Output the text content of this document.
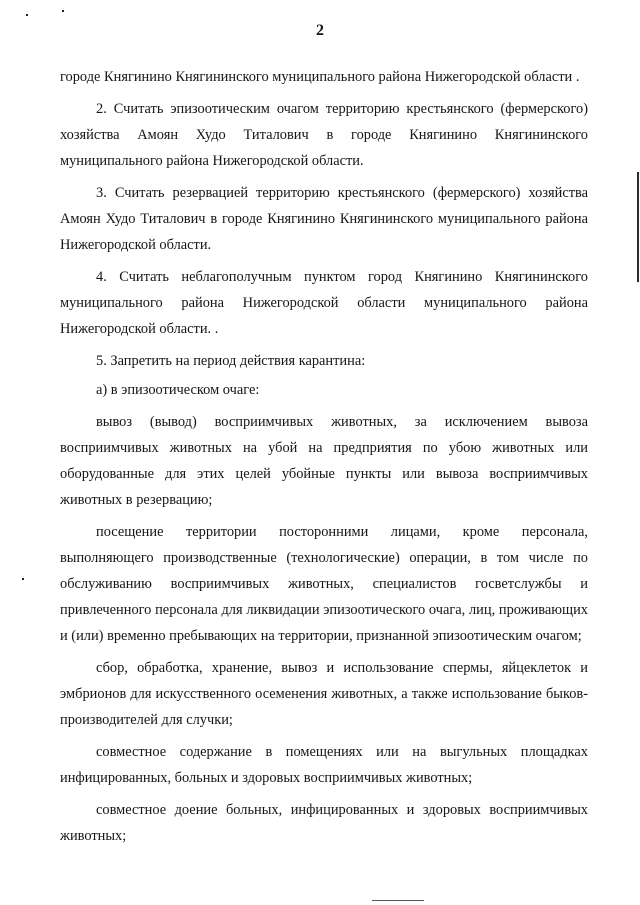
2

городе Княгинино Княгининского муниципального района Нижегородской области .

2. Считать эпизоотическим очагом территорию крестьянского (фермерского) хозяйства Амоян Худо Титалович в городе Княгинино Княгининского муниципального района Нижегородской области.

3. Считать резервацией территорию крестьянского (фермерского) хозяйства Амоян Худо Титалович в городе Княгинино Княгининского муниципального района Нижегородской области.

4. Считать неблагополучным пунктом город Княгинино Княгининского муниципального района Нижегородской области муниципального района Нижегородской области. .

5. Запретить на период действия карантина:

а) в эпизоотическом очаге:

вывоз (вывод) восприимчивых животных, за исключением вывоза восприимчивых животных на убой на предприятия по убою животных или оборудованные для этих целей убойные пункты или вывоза восприимчивых животных в резервацию;

посещение территории посторонними лицами, кроме персонала, выполняющего производственные (технологические) операции, в том числе по обслуживанию восприимчивых животных, специалистов госветслужбы и привлеченного персонала для ликвидации эпизоотического очага, лиц, проживающих и (или) временно пребывающих на территории, признанной эпизоотическим очагом;

сбор, обработка, хранение, вывоз и использование спермы, яйцеклеток и эмбрионов для искусственного осеменения животных, а также использование быков-производителей для случки;

совместное содержание в помещениях или на выгульных площадках инфицированных, больных и здоровых восприимчивых животных;

совместное доение больных, инфицированных и здоровых восприимчивых животных;
